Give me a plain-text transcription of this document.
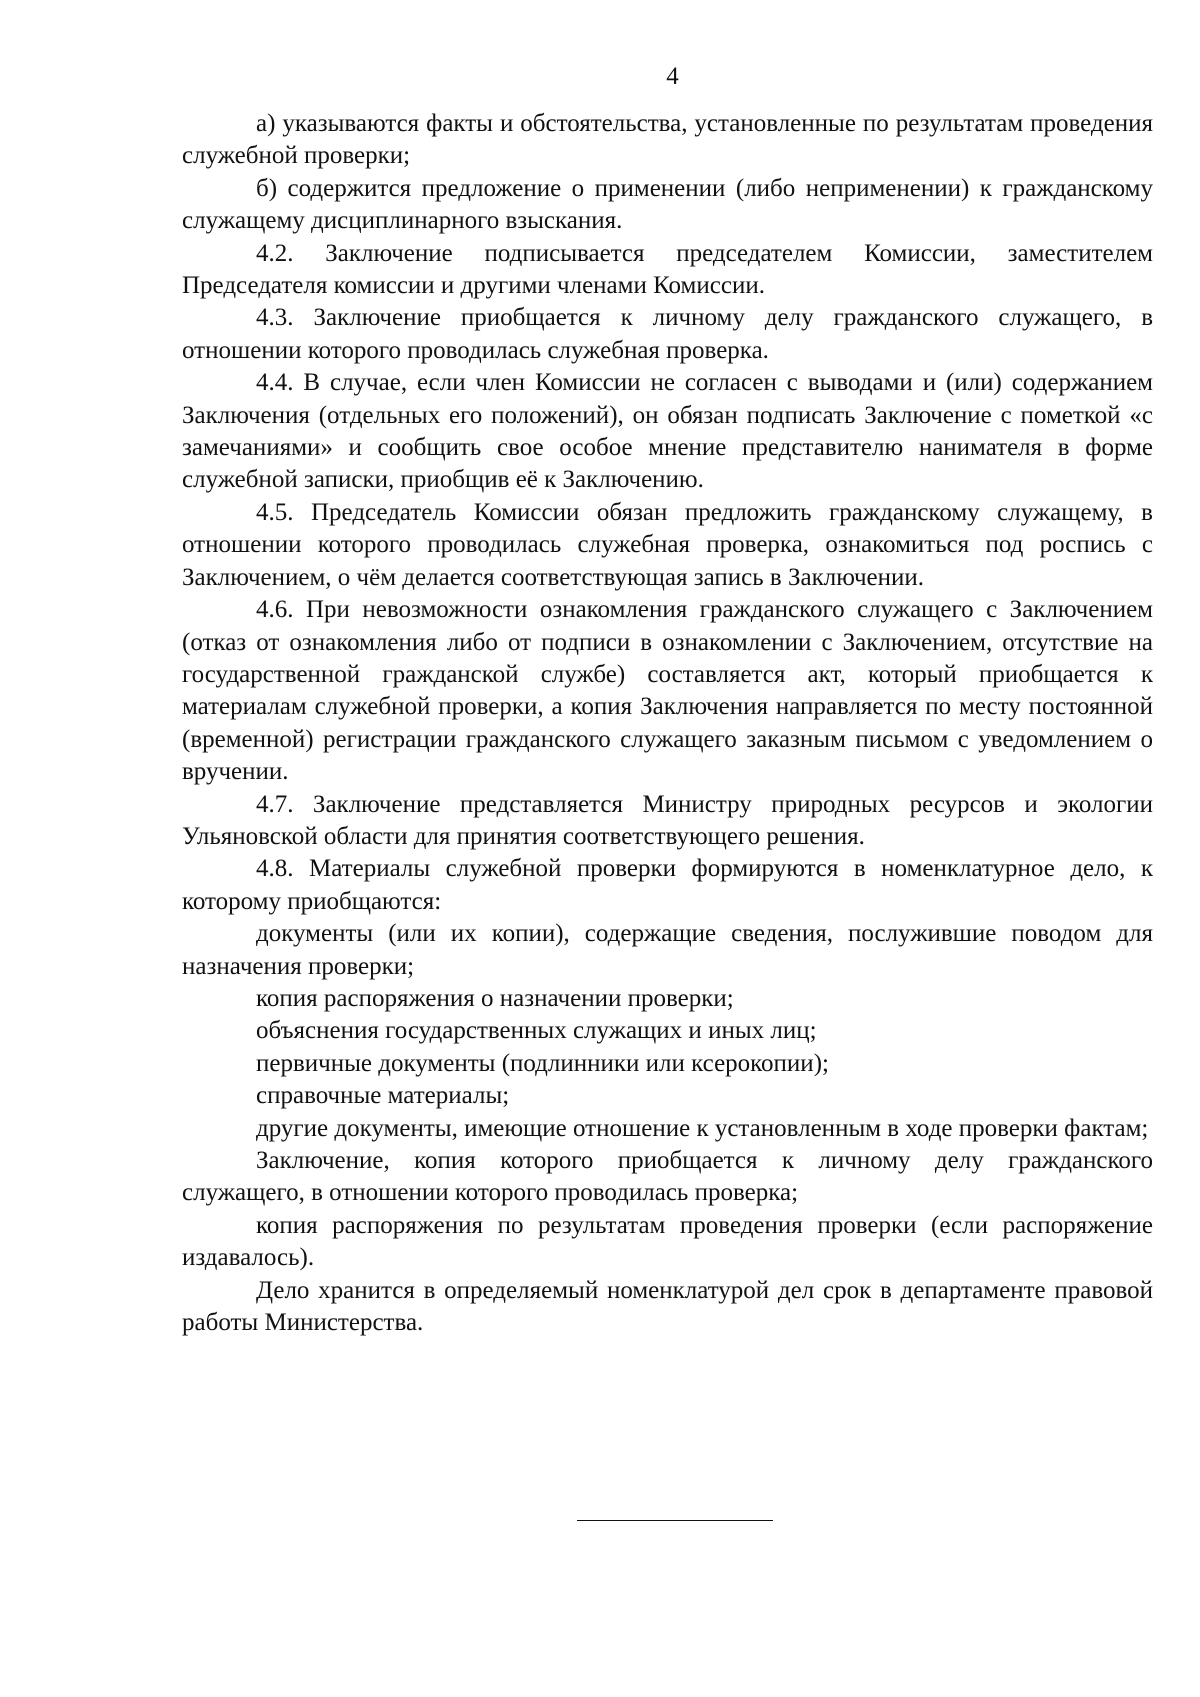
4

а) указываются факты и обстоятельства, установленные по результатам проведения служебной проверки;

б) содержится предложение о применении (либо неприменении) к гражданскому служащему дисциплинарного взыскания.

4.2. Заключение подписывается председателем Комиссии, заместителем Председателя комиссии и другими членами Комиссии.

4.3. Заключение приобщается к личному делу гражданского служащего, в отношении которого проводилась служебная проверка.

4.4. В случае, если член Комиссии не согласен с выводами и (или) содержанием Заключения (отдельных его положений), он обязан подписать Заключение с пометкой «с замечаниями» и сообщить свое особое мнение представителю нанимателя в форме служебной записки, приобщив её к Заключению.

4.5. Председатель Комиссии обязан предложить гражданскому служащему, в отношении которого проводилась служебная проверка, ознакомиться под роспись с Заключением, о чём делается соответствующая запись в Заключении.

4.6. При невозможности ознакомления гражданского служащего с Заключением (отказ от ознакомления либо от подписи в ознакомлении с Заключением, отсутствие на государственной гражданской службе) составляется акт, который приобщается к материалам служебной проверки, а копия Заключения направляется по месту постоянной (временной) регистрации гражданского служащего заказным письмом с уведомлением о вручении.

4.7. Заключение представляется Министру природных ресурсов и экологии Ульяновской области для принятия соответствующего решения.

4.8. Материалы служебной проверки формируются в номенклатурное дело, к которому приобщаются:

документы (или их копии), содержащие сведения, послужившие поводом для назначения проверки;

копия распоряжения о назначении проверки;

объяснения государственных служащих и иных лиц;

первичные документы (подлинники или ксерокопии);

справочные материалы;

другие документы, имеющие отношение к установленным в ходе проверки фактам;

Заключение, копия которого приобщается к личному делу гражданского служащего, в отношении которого проводилась проверка;

копия распоряжения по результатам проведения проверки (если распоряжение издавалось).

Дело хранится в определяемый номенклатурой дел срок в департаменте правовой работы Министерства.
